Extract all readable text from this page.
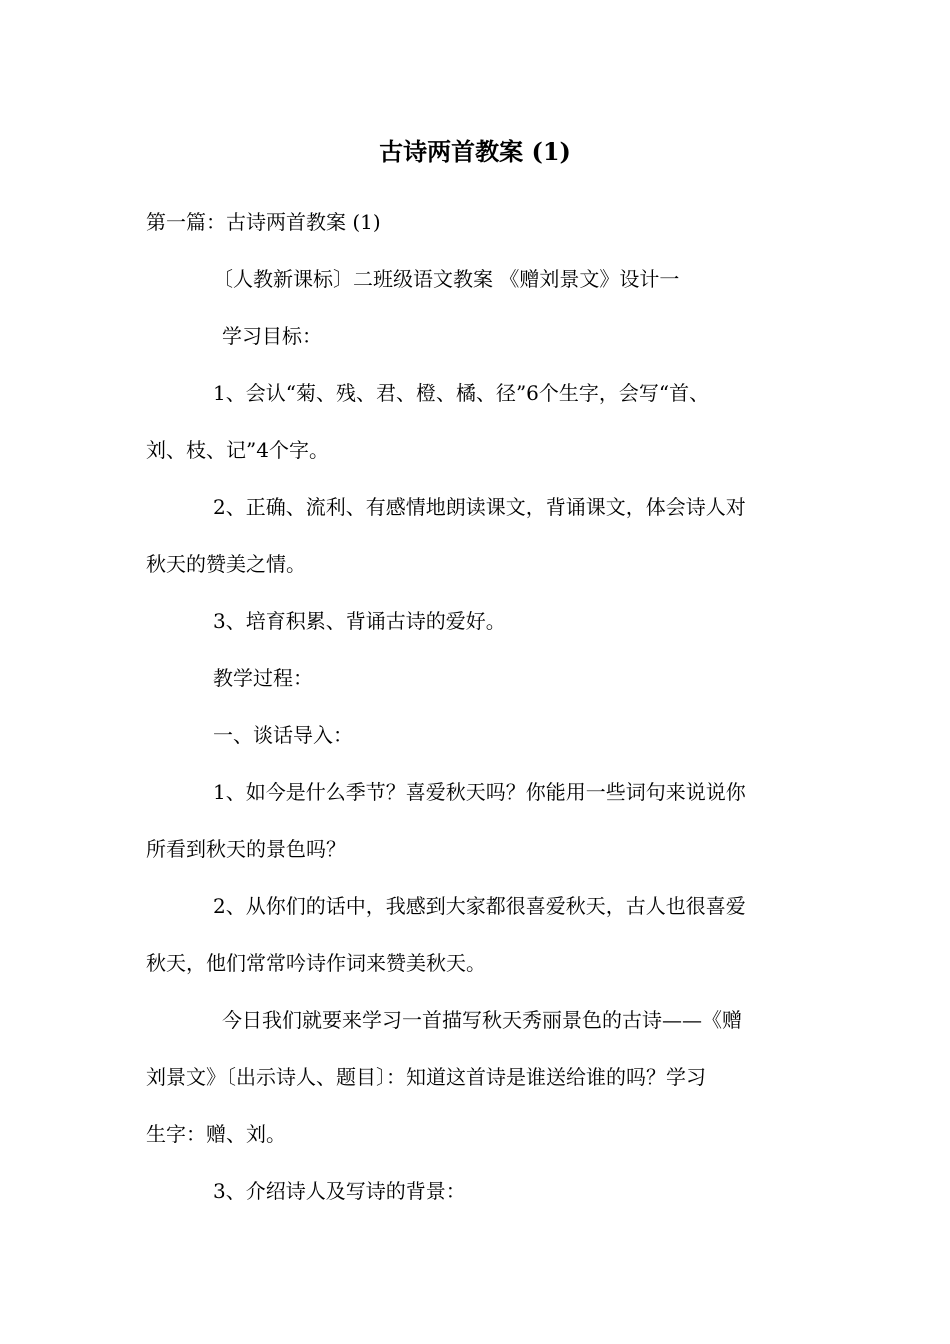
古诗两首教案 (1)
第一篇：古诗两首教案 (1)
〔人教新课标〕二班级语文教案 《赠刘景文》设计一
学习目标：
1、会认“菊、残、君、橙、橘、径”6个生字，会写“首、
刘、枝、记”4个字。
2、正确、流利、有感情地朗读课文，背诵课文，体会诗人对
秋天的赞美之情。
3、培育积累、背诵古诗的爱好。
教学过程：
一、谈话导入：
1、如今是什么季节？喜爱秋天吗？你能用一些词句来说说你
所看到秋天的景色吗？
2、从你们的话中，我感到大家都很喜爱秋天，古人也很喜爱
秋天，他们常常吟诗作词来赞美秋天。
今日我们就要来学习一首描写秋天秀丽景色的古诗——《赠
刘景文》〔出示诗人、题目〕：知道这首诗是谁送给谁的吗？学习
生字：赠、刘。
3、介绍诗人及写诗的背景：
